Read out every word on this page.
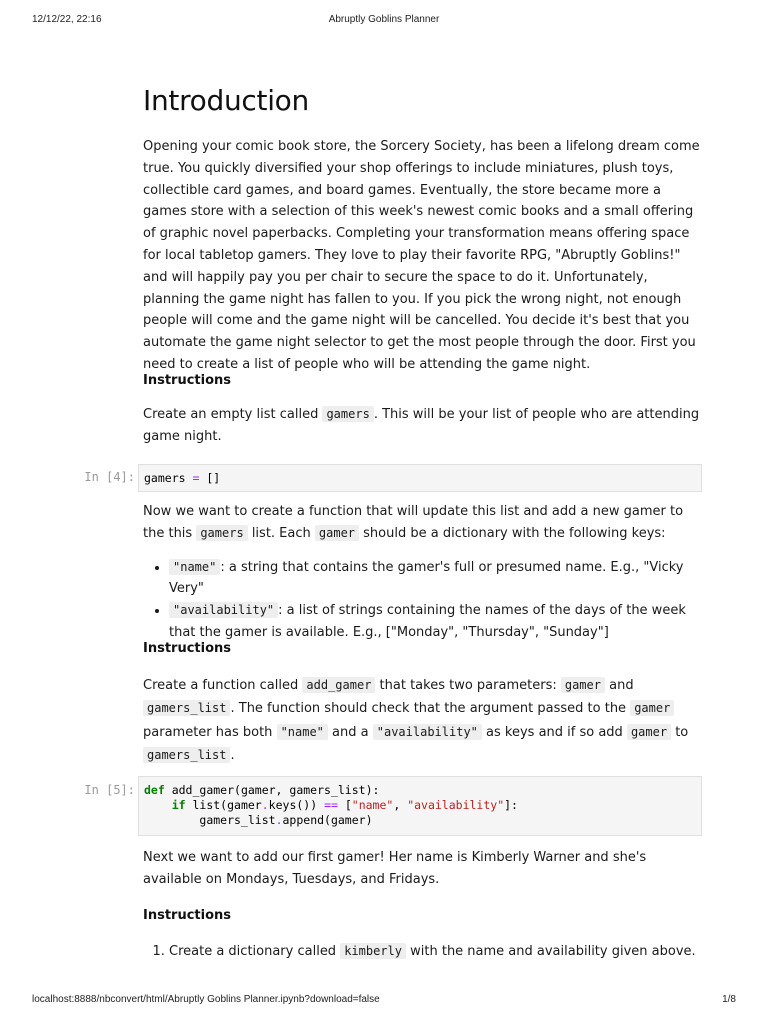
12/12/22, 22:16	Abruptly Goblins Planner
Introduction

Opening your comic book store, the Sorcery Society, has been a lifelong dream come true. You quickly diversified your shop offerings to include miniatures, plush toys, collectible card games, and board games. Eventually, the store became more a games store with a selection of this week's newest comic books and a small offering of graphic novel paperbacks. Completing your transformation means offering space for local tabletop gamers. They love to play their favorite RPG, "Abruptly Goblins!" and will happily pay you per chair to secure the space to do it. Unfortunately, planning the game night has fallen to you. If you pick the wrong night, not enough people will come and the game night will be cancelled. You decide it's best that you automate the game night selector to get the most people through the door. First you need to create a list of people who will be attending the game night.

Instructions

Create an empty list called gamers . This will be your list of people who are attending game night.

In [4]: gamers = []

Now we want to create a function that will update this list and add a new gamer to the this gamers list. Each gamer should be a dictionary with the following keys:

• "name" : a string that contains the gamer's full or presumed name. E.g., "Vicky Very"
• "availability" : a list of strings containing the names of the days of the week that the gamer is available. E.g., ["Monday", "Thursday", "Sunday"]
Instructions

Create a function called add_gamer that takes two parameters: gamer and gamers_list . The function should check that the argument passed to the gamer parameter has both "name" and a "availability" as keys and if so add gamer to gamers_list .

In [5]: def add_gamer(gamer, gamers_list):
if list(gamer.keys()) == ["name", "availability"]:
gamers_list.append(gamer)

Next we want to add our first gamer! Her name is Kimberly Warner and she's available on Mondays, Tuesdays, and Fridays.

Instructions
1. Create a dictionary called kimberly with the name and availability given above.
localhost:8888/nbconvert/html/Abruptly Goblins Planner.ipynb?download=false	1/8
